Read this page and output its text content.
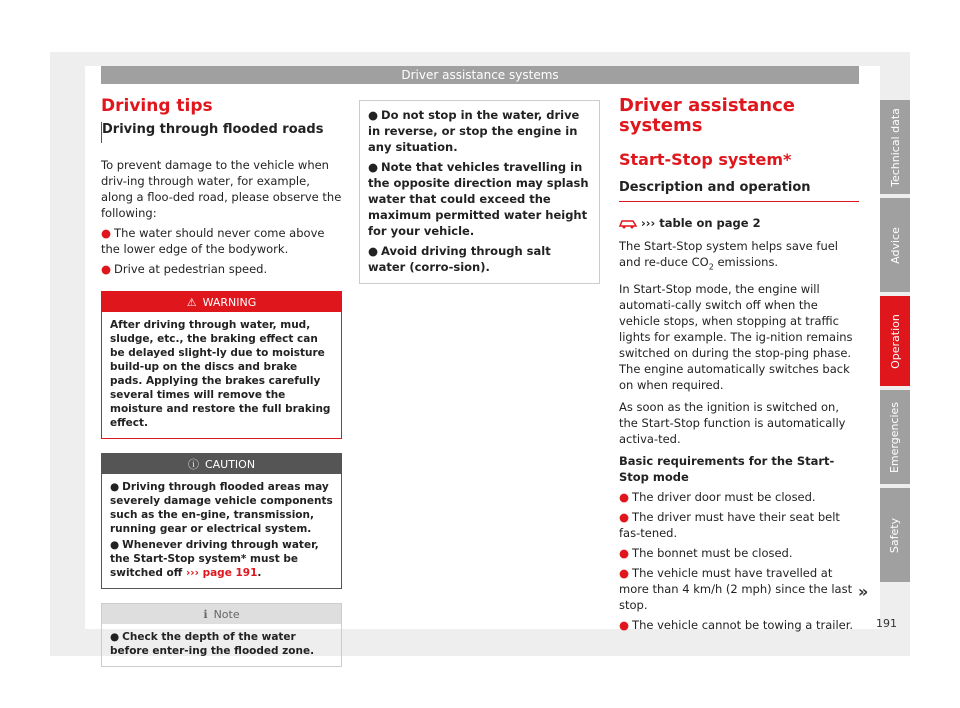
Driver assistance systems
Driving tips
Driving through flooded roads

To prevent damage to the vehicle when driv-ing through water, for example, along a floo-ded road, please observe the following:

● The water should never come above the lower edge of the bodywork.
● Drive at pedestrian speed.
⚠ WARNING
After driving through water, mud, sludge, etc., the braking effect can be delayed slight-ly due to moisture build-up on the discs and brake pads. Applying the brakes carefully several times will remove the moisture and restore the full braking effect.
ⓘ CAUTION
● Driving through flooded areas may severely damage vehicle components such as the en-gine, transmission, running gear or electrical system.
● Whenever driving through water, the Start-Stop system* must be switched off ››› page 191.
ℹ Note
● Check the depth of the water before enter-ing the flooded zone.
● Do not stop in the water, drive in reverse, or stop the engine in any situation.
● Note that vehicles travelling in the opposite direction may splash water that could exceed the maximum permitted water height for your vehicle.
● Avoid driving through salt water (corro-sion).
Driver assistance systems
Start-Stop system*
Description and operation
››› table on page 2

The Start-Stop system helps save fuel and re-duce $CO_2$ emissions.

In Start-Stop mode, the engine will automati-cally switch off when the vehicle stops, when stopping at traffic lights for example. The ig-nition remains switched on during the stop-ping phase. The engine automatically switches back on when required.

As soon as the ignition is switched on, the Start-Stop function is automatically activa-ted.

Basic requirements for the Start-Stop mode
● The driver door must be closed.
● The driver must have their seat belt fas-tened.
● The bonnet must be closed.
● The vehicle must have travelled at more than 4 km/h (2 mph) since the last stop.
● The vehicle cannot be towing a trailer.
Technical data
Advice
Operation
Emergencies
Safety
»
191
